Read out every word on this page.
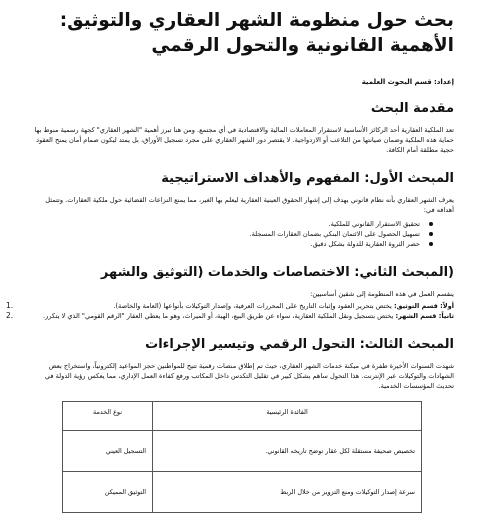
بحث حول منظومة الشهر العقاري والتوثيق: الأهمية القانونية والتحول الرقمي
إعداد: قسم البحوث العلمية
مقدمة البحث

تعد الملكية العقارية أحد الركائز الأساسية لاستقرار المعاملات المالية والاقتصادية في أي مجتمع. ومن هنا تبرز أهمية "الشهر العقاري" كجهة رسمية منوط بها حماية هذه الملكية وضمان صيانتها من التلاعب أو الازدواجية. لا يقتصر دور الشهر العقاري على مجرد تسجيل الأوراق، بل يمتد ليكون صمام أمان يمنح العقود حجية مطلقة أمام الكافة.

المبحث الأول: المفهوم والأهداف الاستراتيجية

يعرف الشهر العقاري بأنه نظام قانوني يهدف إلى إشهار الحقوق العينية العقارية ليعلم بها الغير، مما يمنع النزاعات القضائية حول ملكية العقارات. وتتمثل أهدافه في:

تحقيق الاستقرار القانوني للملكية.
تسهيل الحصول على الائتمان البنكي بضمان العقارات المسجلة.
حصر الثروة العقارية للدولة بشكل دقيق.
(المبحث الثاني: الاختصاصات والخدمات (التوثيق والشهر

ينقسم العمل في هذه المنظومة إلى شقين أساسيين:

1.	أولاً: قسم التوثيق: يختص بتحرير العقود وإثبات التاريخ على المحررات العرفية، وإصدار التوكيلات بأنواعها (العامة والخاصة).
2.	ثانياً: قسم الشهر: يختص بتسجيل ونقل الملكية العقارية، سواء عن طريق البيع، الهبة، أو الميراث، وهو ما يعطي العقار "الرقم القومي" الذي لا يتكرر.
المبحث الثالث: التحول الرقمي وتيسير الإجراءات

شهدت السنوات الأخيرة طفرة في ميكنة خدمات الشهر العقاري، حيث تم إطلاق منصات رقمية تتيح للمواطنين حجز المواعيد إلكترونياً، واستخراج بعض الشهادات والتوكيلات عبر الإنترنت. هذا التحول ساهم بشكل كبير في تقليل التكدس داخل المكاتب ورفع كفاءة العمل الإداري، مما يعكس رؤية الدولة في تحديث المؤسسات الخدمية.

الفائدة الرئيسية	نوع الخدمة
تخصيص صحيفة مستقلة لكل عقار توضح تاريخه القانوني.	التسجيل العيني
سرعة إصدار التوكيلات ومنع التزوير من خلال الربط	التوثيق المميكن
